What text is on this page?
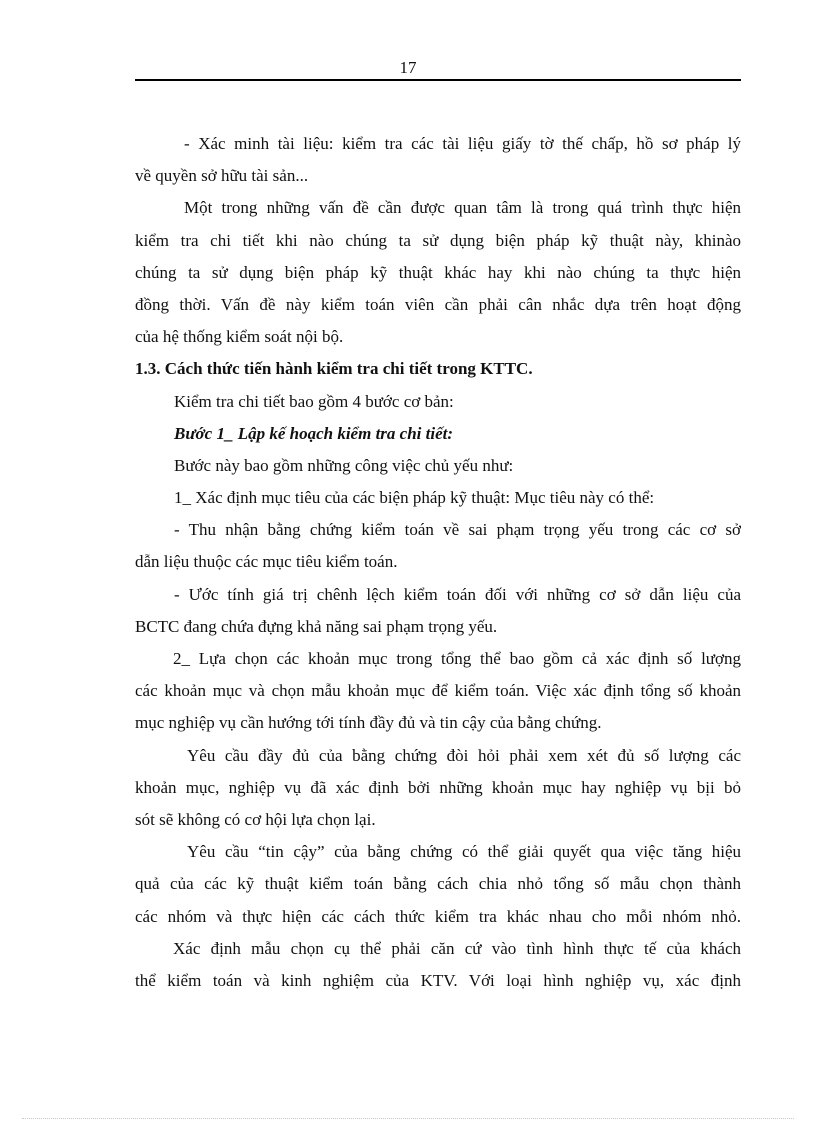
17
- Xác minh tài liệu: kiểm tra các tài liệu giấy tờ thế chấp, hồ sơ pháp lý
về quyền sở hữu tài sản...
Một trong những vấn đề cần được quan tâm là trong quá trình thực hiện
kiểm tra chi tiết khi nào chúng ta sử dụng biện pháp kỹ thuật này, khinào
chúng ta sử dụng biện pháp kỹ thuật khác hay khi nào chúng ta thực hiện
đồng thời. Vấn đề này kiểm toán viên cần phải cân nhắc dựa trên hoạt động
của hệ thống kiểm soát nội bộ.
1.3. Cách thức tiến hành kiểm tra chi tiết trong KTTC.
Kiểm tra chi tiết bao gồm 4 bước cơ bản:
Bước 1_ Lập kế hoạch kiểm tra chi tiết:
Bước này bao gồm những công việc chủ yếu như:
1_ Xác định mục tiêu của các biện pháp kỹ thuật: Mục tiêu này có thể:
- Thu nhận bằng chứng kiểm toán về sai phạm trọng yếu trong các cơ sở
dẫn liệu thuộc các mục tiêu kiểm toán.
- Ước tính giá trị chênh lệch kiểm toán đối với những cơ sở dẫn liệu của
BCTC đang chứa đựng khả năng sai phạm trọng yếu.
2_ Lựa chọn các khoản mục trong tổng thể bao gồm cả xác định số lượng
các khoản mục và chọn mẫu khoản mục để kiểm toán. Việc xác định tổng số khoản
mục nghiệp vụ cần hướng tới tính đầy đủ và tin cậy của bằng chứng.
Yêu cầu đầy đủ của bằng chứng đòi hỏi phải xem xét đủ số lượng các
khoản mục, nghiệp vụ đã xác định bởi những khoản mục hay nghiệp vụ bịi bỏ
sót sẽ không có cơ hội lựa chọn lại.
Yêu cầu “tin cậy” của bằng chứng có thể giải quyết qua việc tăng hiệu
quả của các kỹ thuật kiểm toán bằng cách chia nhỏ tổng số mẫu chọn thành
các nhóm và thực hiện các cách thức kiểm tra khác nhau cho mỗi nhóm nhỏ.
Xác định mẫu chọn cụ thể phải căn cứ vào tình hình thực tế của khách
thể kiểm toán và kinh nghiệm của KTV. Với loại hình nghiệp vụ, xác định
